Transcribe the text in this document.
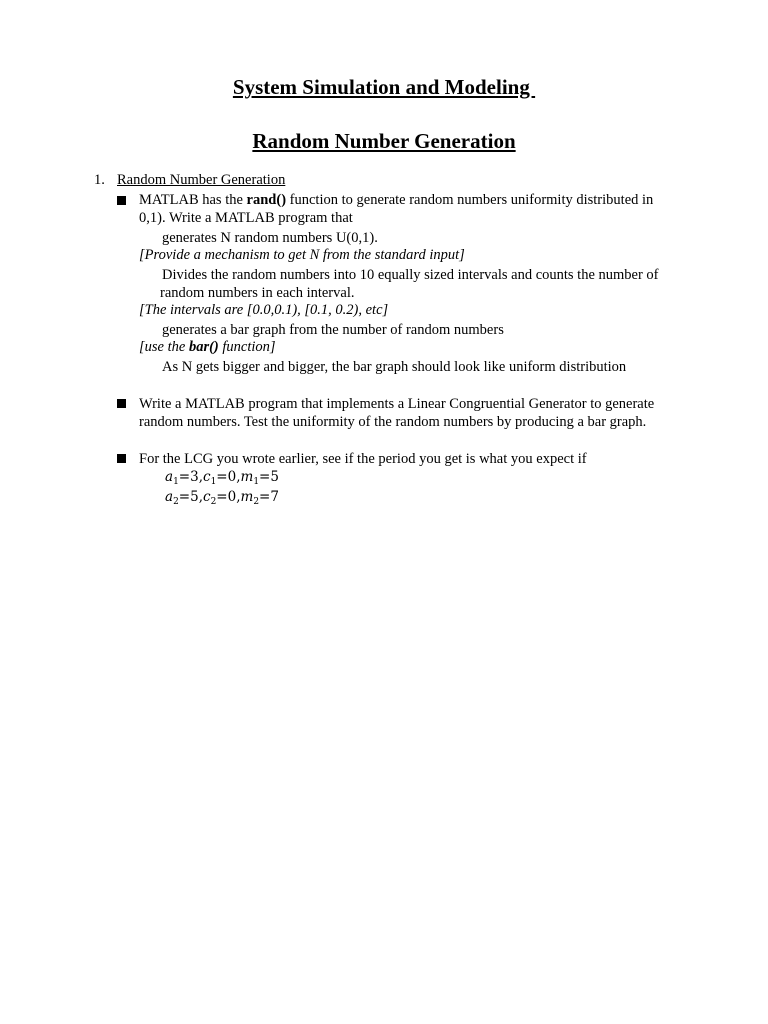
System Simulation and Modeling
Random Number Generation
1. Random Number Generation
MATLAB has the rand() function to generate random numbers uniformity distributed in
0,1). Write a MATLAB program that
generates N random numbers U(0,1).
[Provide a mechanism to get N from the standard input]
Divides the random numbers into 10 equally sized intervals and counts the number of
random numbers in each interval.
[The intervals are [0.0,0.1), [0.1, 0.2), etc]
generates a bar graph from the number of random numbers
[use the bar() function]
As N gets bigger and bigger, the bar graph should look like uniform distribution
Write a MATLAB program that implements a Linear Congruential Generator to generate
random numbers. Test the uniformity of the random numbers by producing a bar graph.
For the LCG you wrote earlier, see if the period you get is what you expect if
$a_1=3,c_1=0,m_1=5$
$a_2=5,c_2=0,m_2=7$
